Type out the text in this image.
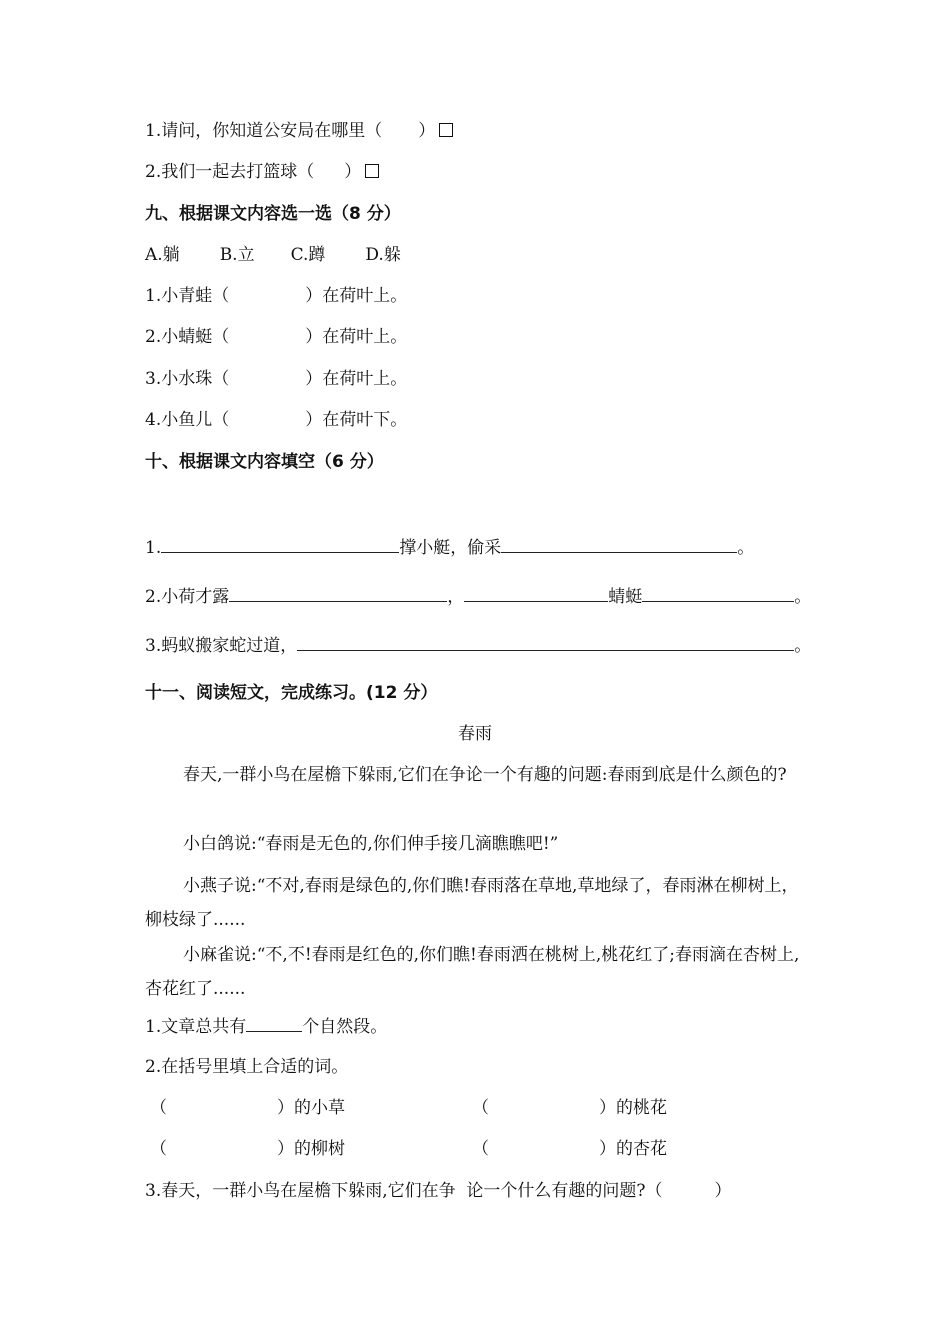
1.请问，你知道公安局在哪里（ ）
2.我们一起去打篮球（ ）
九、根据课文内容选一选（8 分）
A.躺 B.立 C.蹲 D.躲
1.小青蛙（	）在荷叶上。
2.小蜻蜓（	）在荷叶上。
3.小水珠（	）在荷叶上。
4.小鱼儿（	）在荷叶下。
十、根据课文内容填空（6 分）
1.	撑小艇，偷采	。
2.小荷才露	，	蜻蜓	。
3.蚂蚁搬家蛇过道，	。
十一、阅读短文，完成练习。(12 分）
春雨
春天,一群小鸟在屋檐下躲雨,它们在争论一个有趣的问题:春雨到底是什么颜色的?
小白鸽说:“春雨是无色的,你们伸手接几滴瞧瞧吧!”
小燕子说:“不对,春雨是绿色的,你们瞧!春雨落在草地,草地绿了，春雨淋在柳树上，柳枝绿了......
小麻雀说:“不,不!春雨是红色的,你们瞧!春雨洒在桃树上,桃花红了;春雨滴在杏树上,杏花红了......
1.文章总共有	个自然段。
2.在括号里填上合适的词。
（	）的小草	（	）的桃花
（	）的柳树	（	）的杏花
3.春天，一群小鸟在屋檐下躲雨,它们在争  论一个什么有趣的问题?（	）
